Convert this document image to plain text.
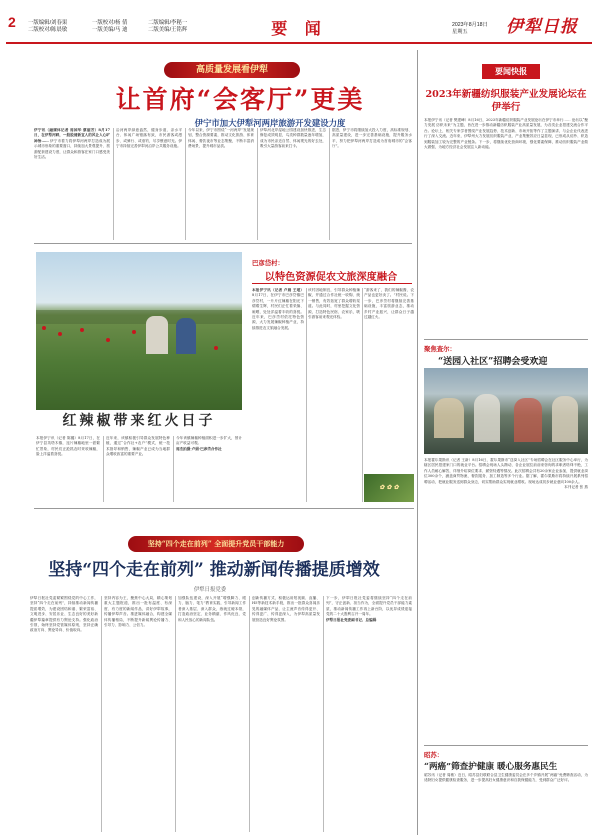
2 一版编辑/刘春果	一版校对/杨 倩	二版编辑/李秘一
二版校对/陈晨敏	一版美编/马 迪	二版美编/王铭辉	要 闻	2023年8月18日
星期五	伊犁日报
高质量发展看伊犁
让首府“会客厅”更美
伊宁市加大伊犁河两岸旅游开发建设力度
伊宁讯（融媒体记者 周国华 蔡丽芳）8月17日，在伊犁河畔，一股股清新宜人的风让人心旷神怡…… 伊宁市着力将伊犁河两岸打造成为展示城市形象的重要窗口，持续加大景观提升、旅游配套建设力度，让群众和游客在家门口感受美好生活。
沿河两岸绿意盎然，健身步道、亲水平台、休闲广场错落有致，市民游客或漫步、或骑行、或垂钓，尽享惬意时光。伊宁市持续完善伊犁河沿岸公共服务设施。
今年以来，伊宁市围绕“一河两岸”发展规划，整合资源要素，推动文化旅游、体育休闲、餐饮夜市等业态集聚，不断丰富消费场景，提升城市品质。
伊犁河北岸湿地公园建设加快推进，生态修复成效明显，鸟类种群数量逐年增加，成为市民亲近自然、休闲观光的好去处，吸引大量游客前来打卡。
据悉，伊宁市将继续加大投入力度，高标准规划、高质量建设，进一步完善基础设施，提升服务水平，努力把伊犁河两岸打造成为首府城市的“会客厅”。
要闻快报
2023年新疆纺织服装产业发展论坛在伊举行
本报伊宁讯（记者 樊建峰）8月16日，2023年新疆纺织服装产业发展论坛在伊宁市举行…… 论坛以“聚力发展 纺织未来”为主题，旨在进一步推动新疆纺织服装产业高质量发展，为各类企业搭建交流合作平台。论坛上，相关专家学者围绕产业发展趋势、技术创新、市场开拓等作了主题演讲，与会企业代表进行了深入交流。近年来，伊犁州大力发展纺织服装产业，产业集聚效应日益显现，已形成从纺纱、织造到服装加工较为完整的产业链条。下一步，将继续优化营商环境，强化要素保障，推动纺织服装产业做大做强，为地方经济社会发展注入新动能。
聚焦查尔：
“送园入社区”招聘会受欢迎
本报霍尔果斯讯（记者 王新）8月16日，霍尔果斯市“送岗入社区”专场招聘会在社区服务中心举行，为辖区居民搭建家门口的就业平台。招聘会现场人头攒动，各企业展位前前来咨询的求职者络绎不绝，工作人员耐心解答，详细介绍岗位要求、薪资待遇等情况。此次招聘会共有20余家企业参加，提供就业岗位300余个，涵盖商贸物流、餐饮服务、加工制造等多个行业。据了解，霍尔果斯市将持续开展系列招聘活动，把就业服务送到群众身边，切实帮助群众实现就业增收。现场达成初步就业意向100余人。

本刊记者 张 燕
昭苏：
“两癌”筛查护健康 暖心服务惠民生
昭苏讯（记者 周敏）近日，昭苏县妇联联合县卫生健康委员会在多个乡镇开展“两癌”免费筛查活动，为适龄妇女提供健康检查服务，进一步提高妇女健康意识和自我保健能力，受到群众广泛好评。
红辣椒带来红火日子
巴彦岱村：
以特色资源促农文旅深度融合
本报伊宁讯（记者 卢娟 王瑶） 8月17日，在伊宁市巴彦岱镇巴彦岱村，一片片红辣椒在阳光下熠熠生辉，村民们正忙着采摘、晾晒，处处洋溢着丰收的喜悦。近年来，巴彦岱村依托特色资源，大力发展辣椒种植产业，持续推进农文旅融合发展。
该村因地制宜，引导群众种植辣椒，并通过合作社统一收购、统一销售，有效拓宽了群众增收渠道。与此同时，村里挖掘文化资源，打造特色民宿、农家乐，吸引游客前来观光体验。
“游客来了，我们的辣椒酱、农产品也更好卖了。”村民说。下一步，巴彦岱村将继续完善基础设施，丰富旅游业态，推动乡村产业振兴，让群众日子越过越红火。
✿ ✿ ✿
本报伊宁讯（记者 陈璐）8月17日，在伊宁县英塔木镇，连片辣椒地里一派繁忙景象，村民们正抢抓农时采收辣椒，脸上洋溢着喜悦。
近年来，该镇积极引导群众发展特色种植，通过“合作社+农户”模式，统一技术指导和销售，辣椒产业已成为当地群众增收致富的重要产业。
今年该镇辣椒种植面积进一步扩大，预计亩产收益可观。
周杰拍摄·卢娟·巴彦岱合作社
坚持“四个走在前列” 全面提升党员干部能力
坚持“四个走在前列” 推动新闻传播提质增效
伊犁日报党委
伊犁日报社党委紧紧围绕党的中心工作，坚持“四个走在前列”，持续推动新闻传播提质增效，为建设团结和谐、繁荣富裕、文明进步、安居乐业、生态良好的美好新疆伊犁篇章提供有力舆论支持。强化政治引领，始终坚持党管媒体原则，坚持正确政治方向、舆论导向、价值取向。
坚持内容为王，聚焦中心大局，精心策划重大主题报道，推出一批有温度、有深度、有力度的新闻作品，讲好伊犁故事，传播伊犁声音。推进媒体融合，构建全媒体传播格局，不断提升新闻舆论传播力、引导力、影响力、公信力。
加强队伍建设，深入开展“增强脚力、眼力、脑力、笔力”教育实践，引导新闻工作者深入基层、深入群众，练就过硬本领，打造政治坚定、业务精湛、作风优良、党和人民放心的新闻队伍。
创新传播方式，积极运用短视频、直播、H5等新技术新手段，推出一批群众喜闻乐见的融媒体产品，让主流声音传得更开、传得更广、传得更深入，为伊犁高质量发展营造良好舆论氛围。
下一步，伊犁日报社党委将继续坚持“四个走在前列”，守正创新、担当作为，全面提升党员干部能力素质，推动新闻传播工作再上新台阶，以优异成绩迎接党的二十大胜利召开一周年。
伊犁日报社党委副书记、总编辑
